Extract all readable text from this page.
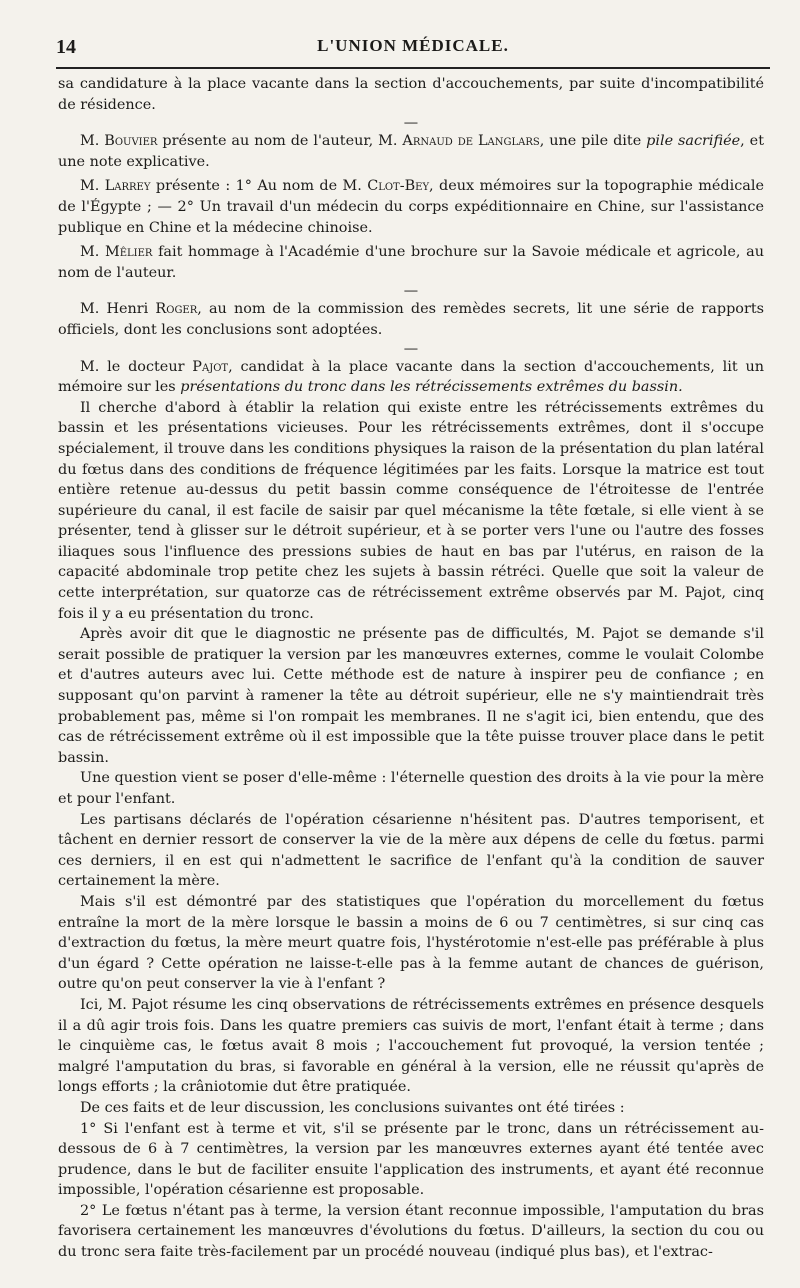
14	L'UNION MÉDICALE.

sa candidature à la place vacante dans la section d'accouchements, par suite d'incompatibilité de résidence.

—

M. Bouvier présente au nom de l'auteur, M. Arnaud de Langlars, une pile dite pile sacrifiée, et une note explicative.

M. Larrey présente : 1° Au nom de M. Clot-Bey, deux mémoires sur la topographie médicale de l'Égypte ; — 2° Un travail d'un médecin du corps expéditionnaire en Chine, sur l'assistance publique en Chine et la médecine chinoise.

M. Mêlier fait hommage à l'Académie d'une brochure sur la Savoie médicale et agricole, au nom de l'auteur.

—

M. Henri Roger, au nom de la commission des remèdes secrets, lit une série de rapports officiels, dont les conclusions sont adoptées.

—

M. le docteur Pajot, candidat à la place vacante dans la section d'accouchements, lit un mémoire sur les présentations du tronc dans les rétrécissements extrêmes du bassin.

Il cherche d'abord à établir la relation qui existe entre les rétrécissements extrêmes du bassin et les présentations vicieuses. Pour les rétrécissements extrêmes, dont il s'occupe spécialement, il trouve dans les conditions physiques la raison de la présentation du plan latéral du fœtus dans des conditions de fréquence légitimées par les faits. Lorsque la matrice est tout entière retenue au-dessus du petit bassin comme conséquence de l'étroitesse de l'entrée supérieure du canal, il est facile de saisir par quel mécanisme la tête fœtale, si elle vient à se présenter, tend à glisser sur le détroit supérieur, et à se porter vers l'une ou l'autre des fosses iliaques sous l'influence des pressions subies de haut en bas par l'utérus, en raison de la capacité abdominale trop petite chez les sujets à bassin rétréci. Quelle que soit la valeur de cette interprétation, sur quatorze cas de rétrécissement extrême observés par M. Pajot, cinq fois il y a eu présentation du tronc.

Après avoir dit que le diagnostic ne présente pas de difficultés, M. Pajot se demande s'il serait possible de pratiquer la version par les manœuvres externes, comme le voulait Colombe et d'autres auteurs avec lui. Cette méthode est de nature à inspirer peu de confiance ; en supposant qu'on parvint à ramener la tête au détroit supérieur, elle ne s'y maintiendrait très probablement pas, même si l'on rompait les membranes. Il ne s'agit ici, bien entendu, que des cas de rétrécissement extrême où il est impossible que la tête puisse trouver place dans le petit bassin.

Une question vient se poser d'elle-même : l'éternelle question des droits à la vie pour la mère et pour l'enfant.

Les partisans déclarés de l'opération césarienne n'hésitent pas. D'autres temporisent, et tâchent en dernier ressort de conserver la vie de la mère aux dépens de celle du fœtus. parmi ces derniers, il en est qui n'admettent le sacrifice de l'enfant qu'à la condition de sauver certainement la mère.

Mais s'il est démontré par des statistiques que l'opération du morcellement du fœtus entraîne la mort de la mère lorsque le bassin a moins de 6 ou 7 centimètres, si sur cinq cas d'extraction du fœtus, la mère meurt quatre fois, l'hystérotomie n'est-elle pas préférable à plus d'un égard ? Cette opération ne laisse-t-elle pas à la femme autant de chances de guérison, outre qu'on peut conserver la vie à l'enfant ?

Ici, M. Pajot résume les cinq observations de rétrécissements extrêmes en présence desquels il a dû agir trois fois. Dans les quatre premiers cas suivis de mort, l'enfant était à terme ; dans le cinquième cas, le fœtus avait 8 mois ; l'accouchement fut provoqué, la version tentée ; malgré l'amputation du bras, si favorable en général à la version, elle ne réussit qu'après de longs efforts ; la crâniotomie dut être pratiquée.

De ces faits et de leur discussion, les conclusions suivantes ont été tirées :

1° Si l'enfant est à terme et vit, s'il se présente par le tronc, dans un rétrécissement au-dessous de 6 à 7 centimètres, la version par les manœuvres externes ayant été tentée avec prudence, dans le but de faciliter ensuite l'application des instruments, et ayant été reconnue impossible, l'opération césarienne est proposable.

2° Le fœtus n'étant pas à terme, la version étant reconnue impossible, l'amputation du bras favorisera certainement les manœuvres d'évolutions du fœtus. D'ailleurs, la section du cou ou du tronc sera faite très-facilement par un procédé nouveau (indiqué plus bas), et l'extrac-
